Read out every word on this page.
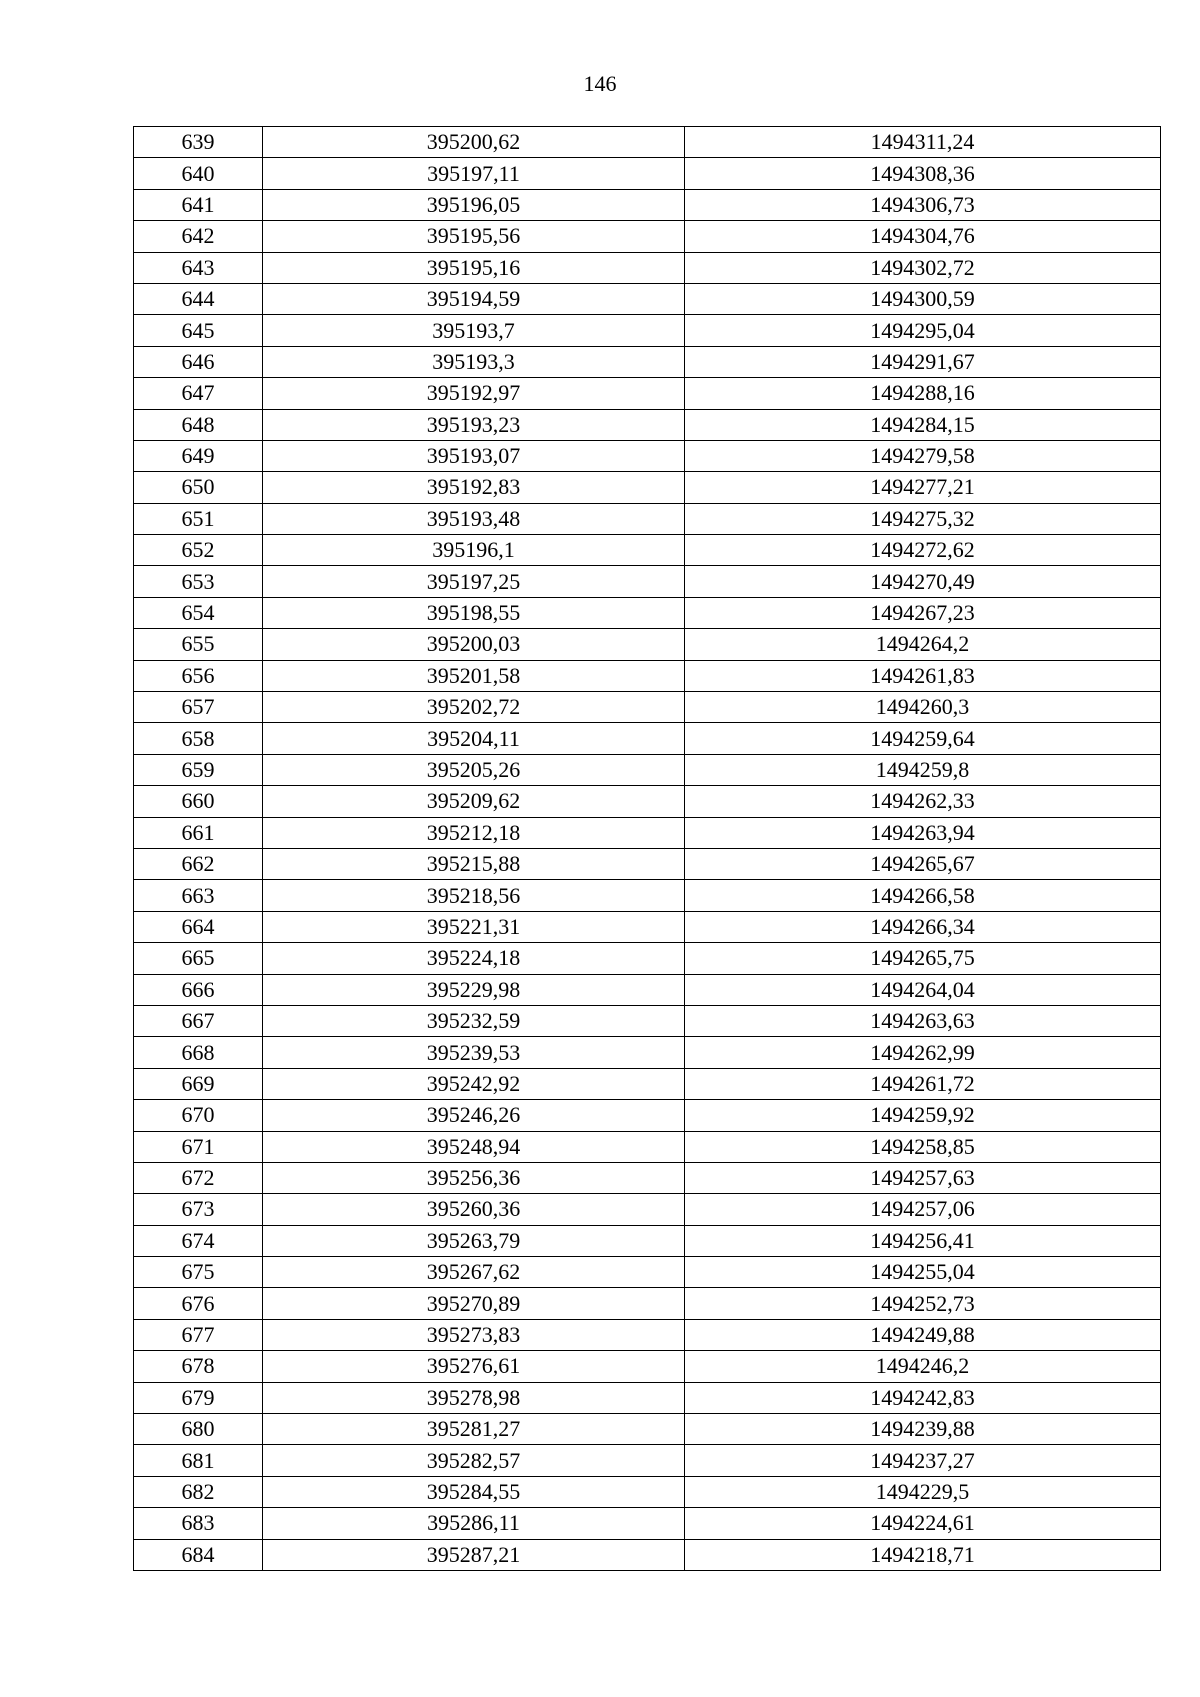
146
639	395200,62	1494311,24
640	395197,11	1494308,36
641	395196,05	1494306,73
642	395195,56	1494304,76
643	395195,16	1494302,72
644	395194,59	1494300,59
645	395193,7	1494295,04
646	395193,3	1494291,67
647	395192,97	1494288,16
648	395193,23	1494284,15
649	395193,07	1494279,58
650	395192,83	1494277,21
651	395193,48	1494275,32
652	395196,1	1494272,62
653	395197,25	1494270,49
654	395198,55	1494267,23
655	395200,03	1494264,2
656	395201,58	1494261,83
657	395202,72	1494260,3
658	395204,11	1494259,64
659	395205,26	1494259,8
660	395209,62	1494262,33
661	395212,18	1494263,94
662	395215,88	1494265,67
663	395218,56	1494266,58
664	395221,31	1494266,34
665	395224,18	1494265,75
666	395229,98	1494264,04
667	395232,59	1494263,63
668	395239,53	1494262,99
669	395242,92	1494261,72
670	395246,26	1494259,92
671	395248,94	1494258,85
672	395256,36	1494257,63
673	395260,36	1494257,06
674	395263,79	1494256,41
675	395267,62	1494255,04
676	395270,89	1494252,73
677	395273,83	1494249,88
678	395276,61	1494246,2
679	395278,98	1494242,83
680	395281,27	1494239,88
681	395282,57	1494237,27
682	395284,55	1494229,5
683	395286,11	1494224,61
684	395287,21	1494218,71
